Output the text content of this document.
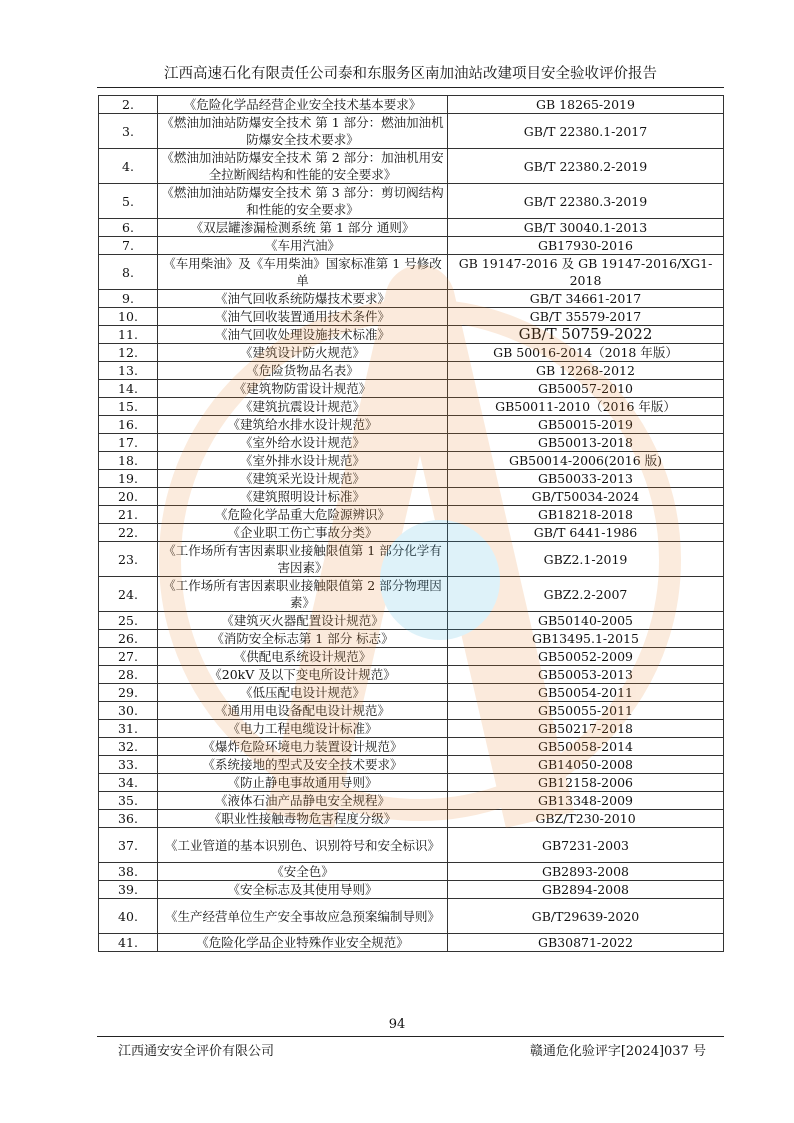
江西高速石化有限责任公司泰和东服务区南加油站改建项目安全验收评价报告
2.	《危险化学品经营企业安全技术基本要求》	GB 18265-2019
3.	《燃油加油站防爆安全技术 第 1 部分：燃油加油机防爆安全技术要求》	GB/T 22380.1-2017
4.	《燃油加油站防爆安全技术 第 2 部分：加油机用安全拉断阀结构和性能的安全要求》	GB/T 22380.2-2019
5.	《燃油加油站防爆安全技术 第 3 部分：剪切阀结构和性能的安全要求》	GB/T 22380.3-2019
6.	《双层罐渗漏检测系统 第 1 部分 通则》	GB/T 30040.1-2013
7.	《车用汽油》	GB17930-2016
8.	《车用柴油》及《车用柴油》国家标准第 1 号修改单	GB 19147-2016 及 GB 19147-2016/XG1-2018
9.	《油气回收系统防爆技术要求》	GB/T 34661-2017
10.	《油气回收装置通用技术条件》	GB/T 35579-2017
11.	《油气回收处理设施技术标准》	GB/T 50759-2022
12.	《建筑设计防火规范》	GB 50016-2014（2018 年版）
13.	《危险货物品名表》	GB 12268-2012
14.	《建筑物防雷设计规范》	GB50057-2010
15.	《建筑抗震设计规范》	GB50011-2010（2016 年版）
16.	《建筑给水排水设计规范》	GB50015-2019
17.	《室外给水设计规范》	GB50013-2018
18.	《室外排水设计规范》	GB50014-2006(2016 版)
19.	《建筑采光设计规范》	GB50033-2013
20.	《建筑照明设计标准》	GB/T50034-2024
21.	《危险化学品重大危险源辨识》	GB18218-2018
22.	《企业职工伤亡事故分类》	GB/T 6441-1986
23.	《工作场所有害因素职业接触限值第 1 部分化学有害因素》	GBZ2.1-2019
24.	《工作场所有害因素职业接触限值第 2 部分物理因素》	GBZ2.2-2007
25.	《建筑灭火器配置设计规范》	GB50140-2005
26.	《消防安全标志第 1 部分 标志》	GB13495.1-2015
27.	《供配电系统设计规范》	GB50052-2009
28.	《20kV 及以下变电所设计规范》	GB50053-2013
29.	《低压配电设计规范》	GB50054-2011
30.	《通用用电设备配电设计规范》	GB50055-2011
31.	《电力工程电缆设计标准》	GB50217-2018
32.	《爆炸危险环境电力装置设计规范》	GB50058-2014
33.	《系统接地的型式及安全技术要求》	GB14050-2008
34.	《防止静电事故通用导则》	GB12158-2006
35.	《液体石油产品静电安全规程》	GB13348-2009
36.	《职业性接触毒物危害程度分级》	GBZ/T230-2010
37.	《工业管道的基本识别色、识别符号和安全标识》	GB7231-2003
38.	《安全色》	GB2893-2008
39.	《安全标志及其使用导则》	GB2894-2008
40.	《生产经营单位生产安全事故应急预案编制导则》	GB/T29639-2020
41.	《危险化学品企业特殊作业安全规范》	GB30871-2022
94
江西通安安全评价有限公司	赣通危化验评字[2024]037 号
